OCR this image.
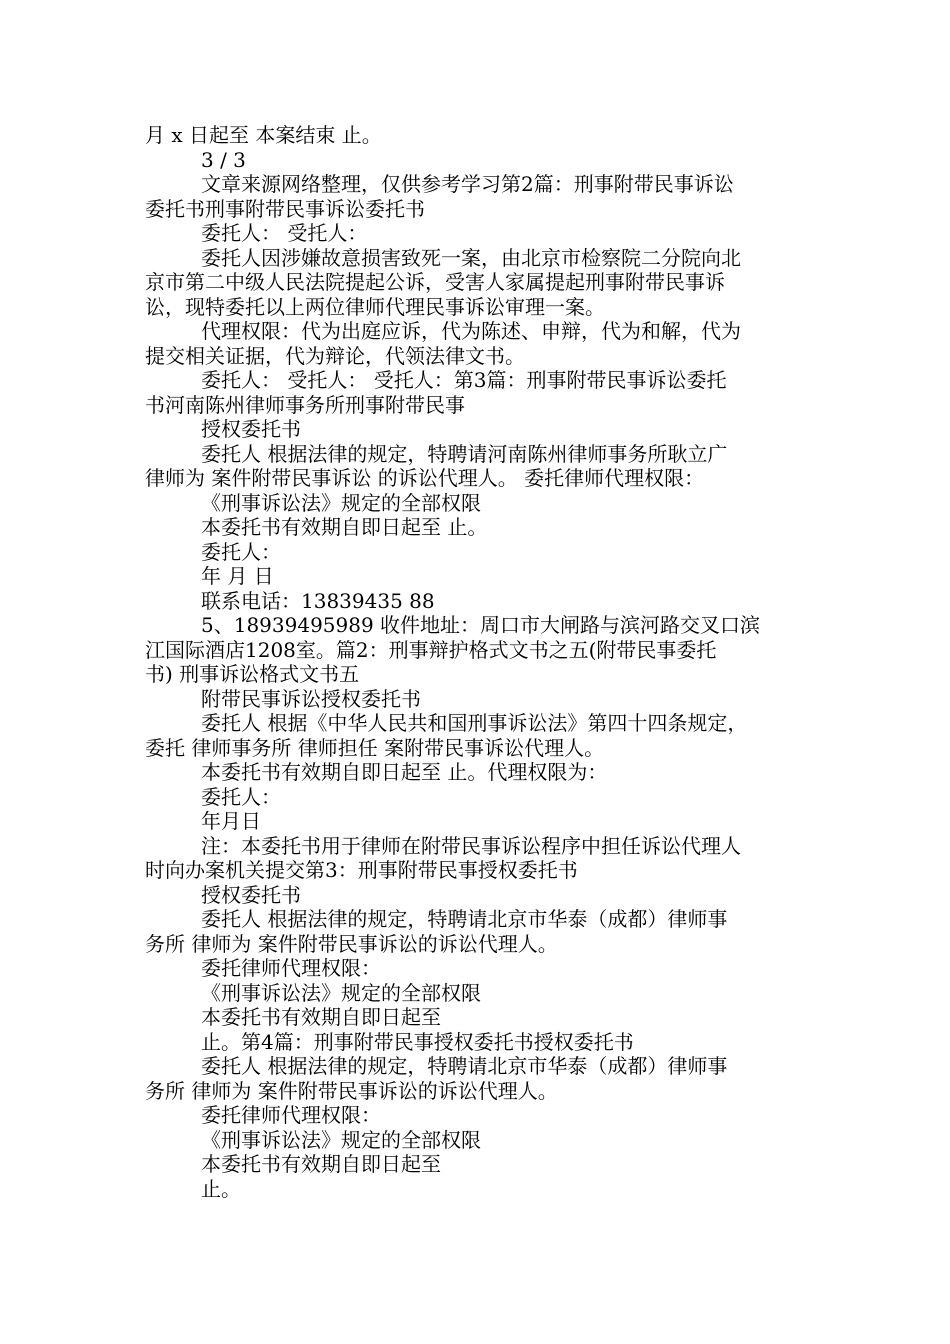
月 x 日起至 本案结束 止。
3 / 3
文章来源网络整理，仅供参考学习第2篇：刑事附带民事诉讼
委托书刑事附带民事诉讼委托书
委托人： 受托人：
委托人因涉嫌故意损害致死一案，由北京市检察院二分院向北
京市第二中级人民法院提起公诉，受害人家属提起刑事附带民事诉
讼，现特委托以上两位律师代理民事诉讼审理一案。
代理权限：代为出庭应诉，代为陈述、申辩，代为和解，代为
提交相关证据，代为辩论，代领法律文书。
委托人： 受托人： 受托人：第3篇：刑事附带民事诉讼委托
书河南陈州律师事务所刑事附带民事
授权委托书
委托人 根据法律的规定，特聘请河南陈州律师事务所耿立广
律师为 案件附带民事诉讼 的诉讼代理人。 委托律师代理权限：
《刑事诉讼法》规定的全部权限
本委托书有效期自即日起至 止。
委托人：
年 月 日
联系电话：13839435 88
5、18939495989 收件地址：周口市大闸路与滨河路交叉口滨
江国际酒店1208室。篇2：刑事辩护格式文书之五(附带民事委托
书) 刑事诉讼格式文书五
附带民事诉讼授权委托书
委托人 根据《中华人民共和国刑事诉讼法》第四十四条规定，
委托 律师事务所 律师担任 案附带民事诉讼代理人。
本委托书有效期自即日起至 止。代理权限为：
委托人：
年月日
注：本委托书用于律师在附带民事诉讼程序中担任诉讼代理人
时向办案机关提交第3：刑事附带民事授权委托书
授权委托书
委托人 根据法律的规定，特聘请北京市华泰（成都）律师事
务所 律师为 案件附带民事诉讼的诉讼代理人。
委托律师代理权限：
《刑事诉讼法》规定的全部权限
本委托书有效期自即日起至
止。第4篇：刑事附带民事授权委托书授权委托书
委托人 根据法律的规定，特聘请北京市华泰（成都）律师事
务所 律师为 案件附带民事诉讼的诉讼代理人。
委托律师代理权限：
《刑事诉讼法》规定的全部权限
本委托书有效期自即日起至
止。
